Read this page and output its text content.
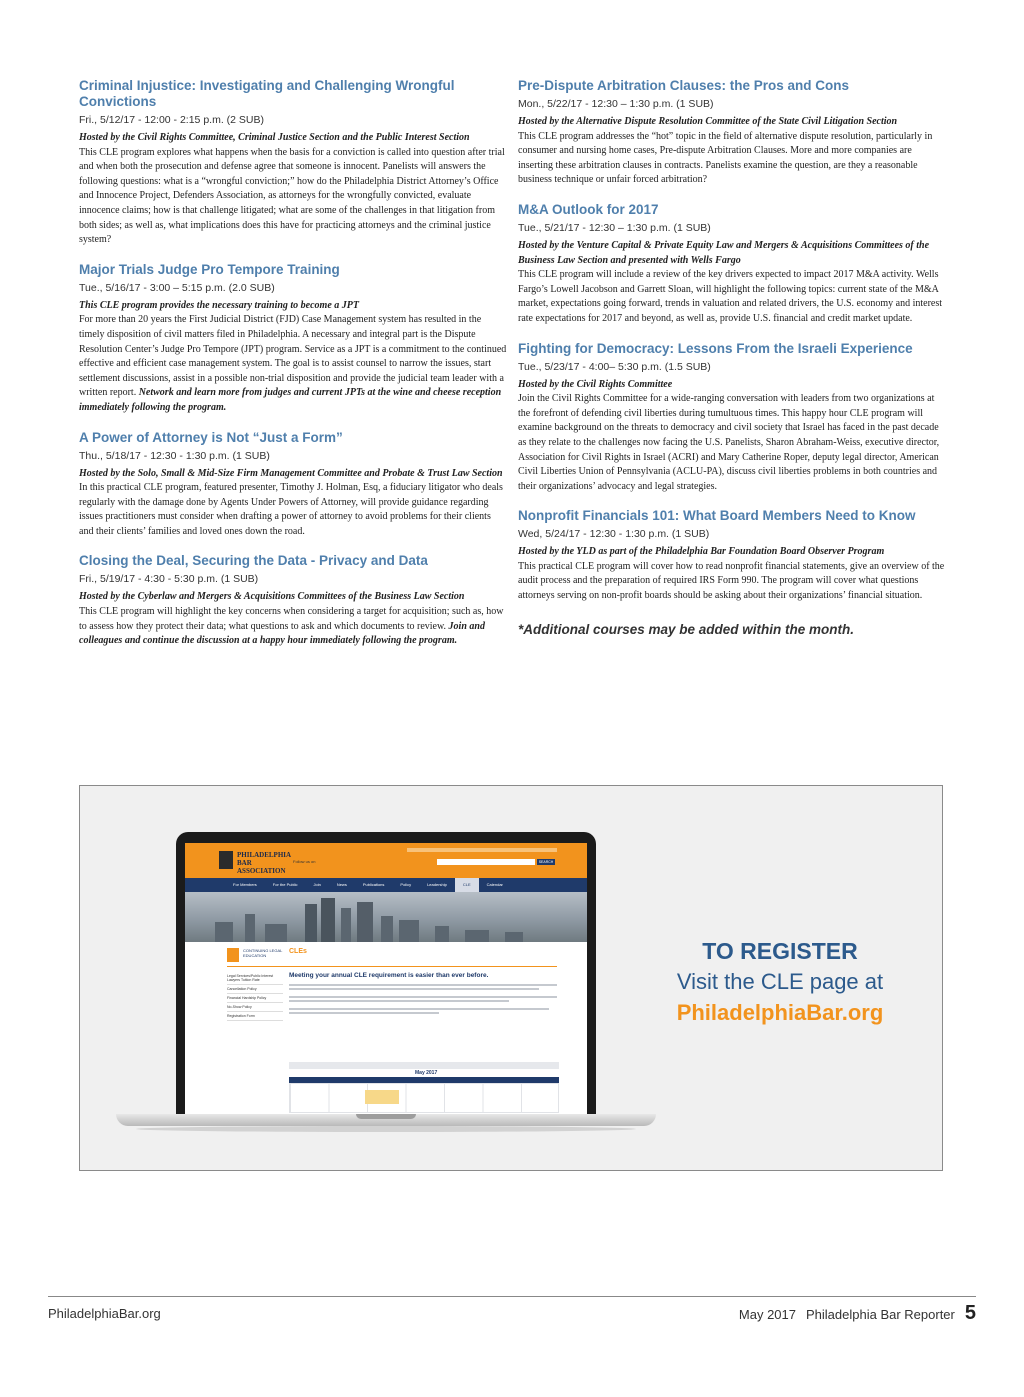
Criminal Injustice: Investigating and Challenging Wrongful Convictions
Fri., 5/12/17 - 12:00 - 2:15 p.m. (2 SUB)
Hosted by the Civil Rights Committee, Criminal Justice Section and the Public Interest Section
This CLE program explores what happens when the basis for a conviction is called into question after trial and when both the prosecution and defense agree that someone is innocent. Panelists will answers the following questions: what is a “wrongful conviction;” how do the Philadelphia District Attorney’s Office and Innocence Project, Defenders Association, as attorneys for the wrongfully convicted, evaluate innocence claims; how is that challenge litigated; what are some of the challenges in that litigation from both sides; as well as, what implications does this have for practicing attorneys and the criminal justice system?
Major Trials Judge Pro Tempore Training
Tue., 5/16/17 - 3:00 – 5:15 p.m. (2.0 SUB)
This CLE program provides the necessary training to become a JPT
For more than 20 years the First Judicial District (FJD) Case Management system has resulted in the timely disposition of civil matters filed in Philadelphia. A necessary and integral part is the Dispute Resolution Center’s Judge Pro Tempore (JPT) program. Service as a JPT is a commitment to the continued effective and efficient case management system. The goal is to assist counsel to narrow the issues, start settlement discussions, assist in a possible non-trial disposition and provide the judicial team leader with a written report. Network and learn more from judges and current JPTs at the wine and cheese reception immediately following the program.
A Power of Attorney is Not “Just a Form”
Thu., 5/18/17 - 12:30 - 1:30 p.m. (1 SUB)
Hosted by the Solo, Small & Mid-Size Firm Management Committee and Probate & Trust Law Section
In this practical CLE program, featured presenter, Timothy J. Holman, Esq, a fiduciary litigator who deals regularly with the damage done by Agents Under Powers of Attorney, will provide guidance regarding issues practitioners must consider when drafting a power of attorney to avoid problems for their clients and their clients’ families and loved ones down the road.
Closing the Deal, Securing the Data - Privacy and Data
Fri., 5/19/17 - 4:30 - 5:30 p.m. (1 SUB)
Hosted by the Cyberlaw and Mergers & Acquisitions Committees of the Business Law Section
This CLE program will highlight the key concerns when considering a target for acquisition; such as, how to assess how they protect their data; what questions to ask and which documents to review. Join and colleagues and continue the discussion at a happy hour immediately following the program.
Pre-Dispute Arbitration Clauses: the Pros and Cons
Mon., 5/22/17 - 12:30 – 1:30 p.m. (1 SUB)
Hosted by the Alternative Dispute Resolution Committee of the State Civil Litigation Section
This CLE program addresses the “hot” topic in the field of alternative dispute resolution, particularly in consumer and nursing home cases, Pre-dispute Arbitration Clauses. More and more companies are inserting these arbitration clauses in contracts. Panelists examine the question, are they a reasonable business technique or unfair forced arbitration?
M&A Outlook for 2017
Tue., 5/21/17 - 12:30 – 1:30 p.m. (1 SUB)
Hosted by the Venture Capital & Private Equity Law and Mergers & Acquisitions Committees of the Business Law Section and presented with Wells Fargo
This CLE program will include a review of the key drivers expected to impact 2017 M&A activity. Wells Fargo’s Lowell Jacobson and Garrett Sloan, will highlight the following topics: current state of the M&A market, expectations going forward, trends in valuation and related drivers, the U.S. economy and interest rate expectations for 2017 and beyond, as well as, provide U.S. financial and credit market update.
Fighting for Democracy: Lessons From the Israeli Experience
Tue., 5/23/17 - 4:00– 5:30 p.m. (1.5 SUB)
Hosted by the Civil Rights Committee
Join the Civil Rights Committee for a wide-ranging conversation with leaders from two organizations at the forefront of defending civil liberties during tumultuous times. This happy hour CLE program will examine background on the threats to democracy and civil society that Israel has faced in the past decade as they relate to the challenges now facing the U.S. Panelists, Sharon Abraham-Weiss, executive director, Association for Civil Rights in Israel (ACRI) and Mary Catherine Roper, deputy legal director, American Civil Liberties Union of Pennsylvania (ACLU-PA), discuss civil liberties problems in both countries and their organizations’ advocacy and legal strategies.
Nonprofit Financials 101: What Board Members Need to Know
Wed, 5/24/17 - 12:30 - 1:30 p.m. (1 SUB)
Hosted by the YLD as part of the Philadelphia Bar Foundation Board Observer Program
This practical CLE program will cover how to read nonprofit financial statements, give an overview of the audit process and the preparation of required IRS Form 990. The program will cover what questions attorneys serving on non-profit boards should be asking about their organizations’ financial situation.
*Additional courses may be added within the month.
PHILADELPHIA BAR ASSOCIATION
Follow us on	SEARCH
For Members	For the Public	Join	News	Publications	Policy	Leadership	CLE	Calendar
CONTINUING LEGAL EDUCATION
CLEs
Legal Services/Public Interest Lawyers Tuition Rate
Cancellation Policy
Financial Hardship Policy
No-Show Policy
Registration Form
Meeting your annual CLE requirement is easier than ever before.
May 2017
TO REGISTER
Visit the CLE page at
PhiladelphiaBar.org
PhiladelphiaBar.org	May 2017 Philadelphia Bar Reporter 5
